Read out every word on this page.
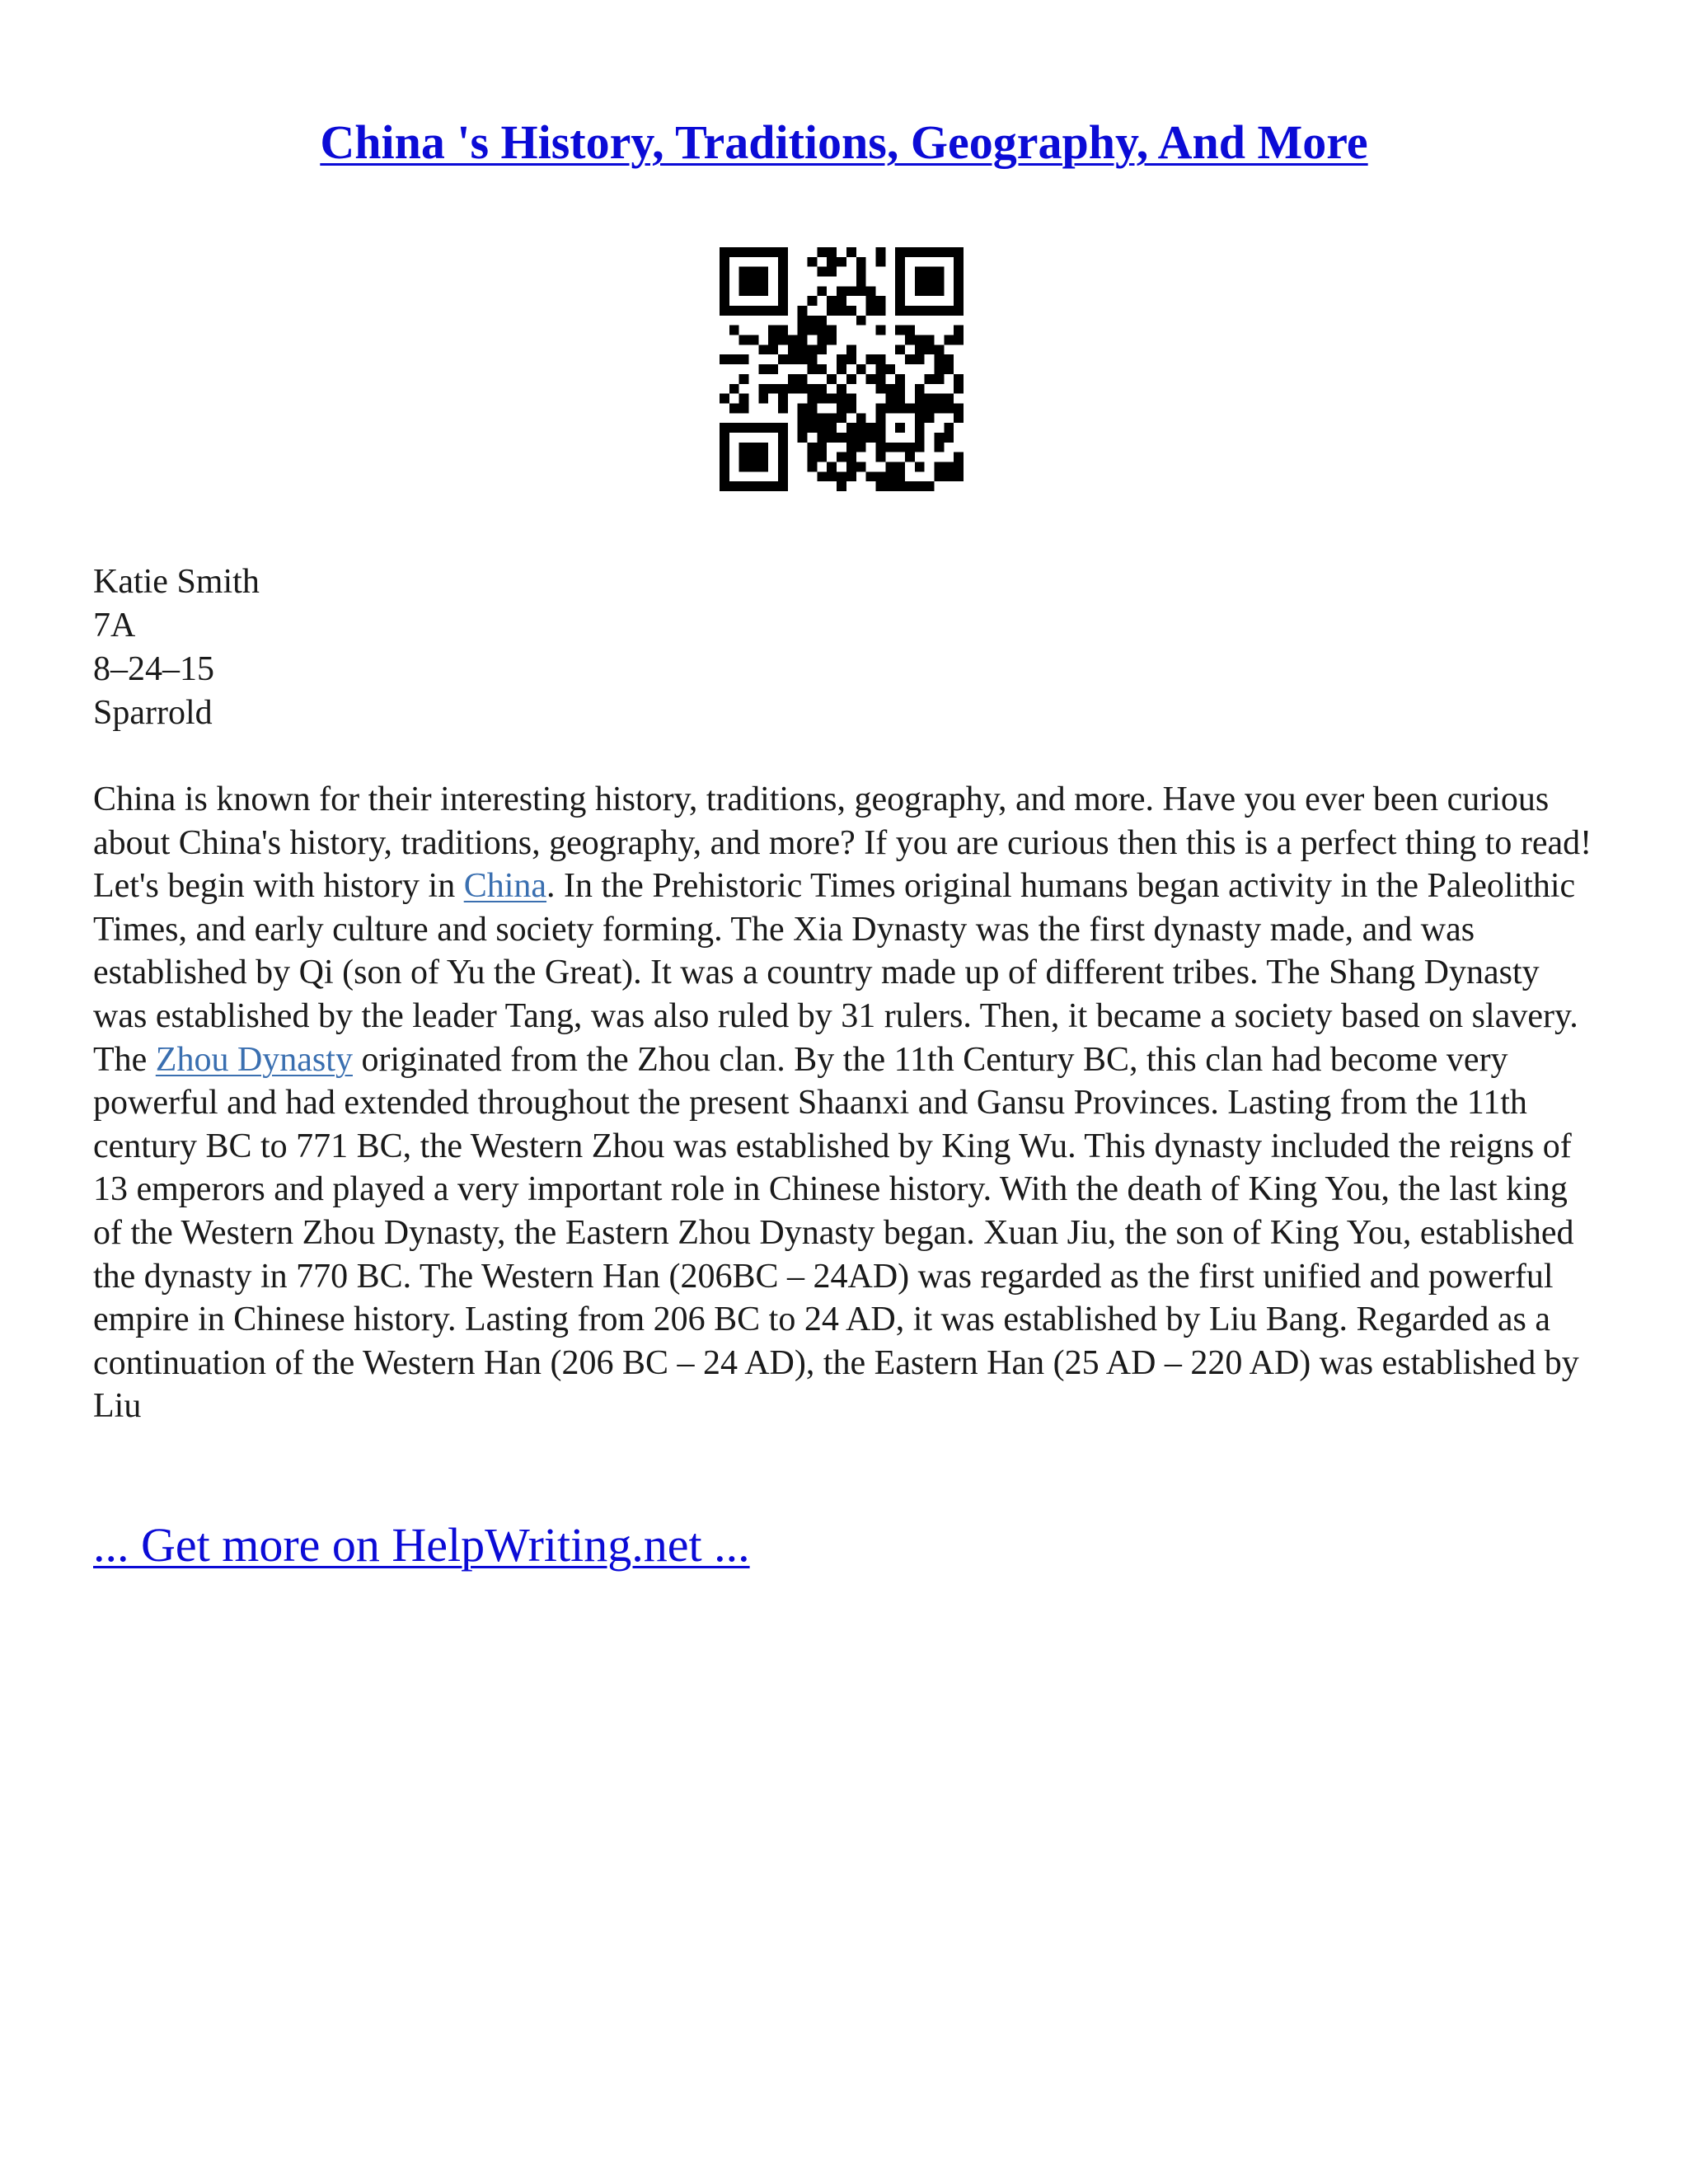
China 's History, Traditions, Geography, And More
Katie Smith
7A
8–24–15
Sparrold

China is known for their interesting history, traditions, geography, and more. Have you ever been curious about China's history, traditions, geography, and more? If you are curious then this is a perfect thing to read!

Let's begin with history in China. In the Prehistoric Times original humans began activity in the Paleolithic Times, and early culture and society forming. The Xia Dynasty was the first dynasty made, and was established by Qi (son of Yu the Great). It was a country made up of different tribes. The Shang Dynasty was established by the leader Tang, was also ruled by 31 rulers. Then, it became a society based on slavery. The Zhou Dynasty originated from the Zhou clan. By the 11th Century BC, this clan had become very powerful and had extended throughout the present Shaanxi and Gansu Provinces. Lasting from the 11th century BC to 771 BC, the Western Zhou was established by King Wu. This dynasty included the reigns of 13 emperors and played a very important role in Chinese history. With the death of King You, the last king of the Western Zhou Dynasty, the Eastern Zhou Dynasty began. Xuan Jiu, the son of King You, established the dynasty in 770 BC. The Western Han (206BC – 24AD) was regarded as the first unified and powerful empire in Chinese history. Lasting from 206 BC to 24 AD, it was established by Liu Bang. Regarded as a continuation of the Western Han (206 BC – 24 AD), the Eastern Han (25 AD – 220 AD) was established by Liu

... Get more on HelpWriting.net ...
